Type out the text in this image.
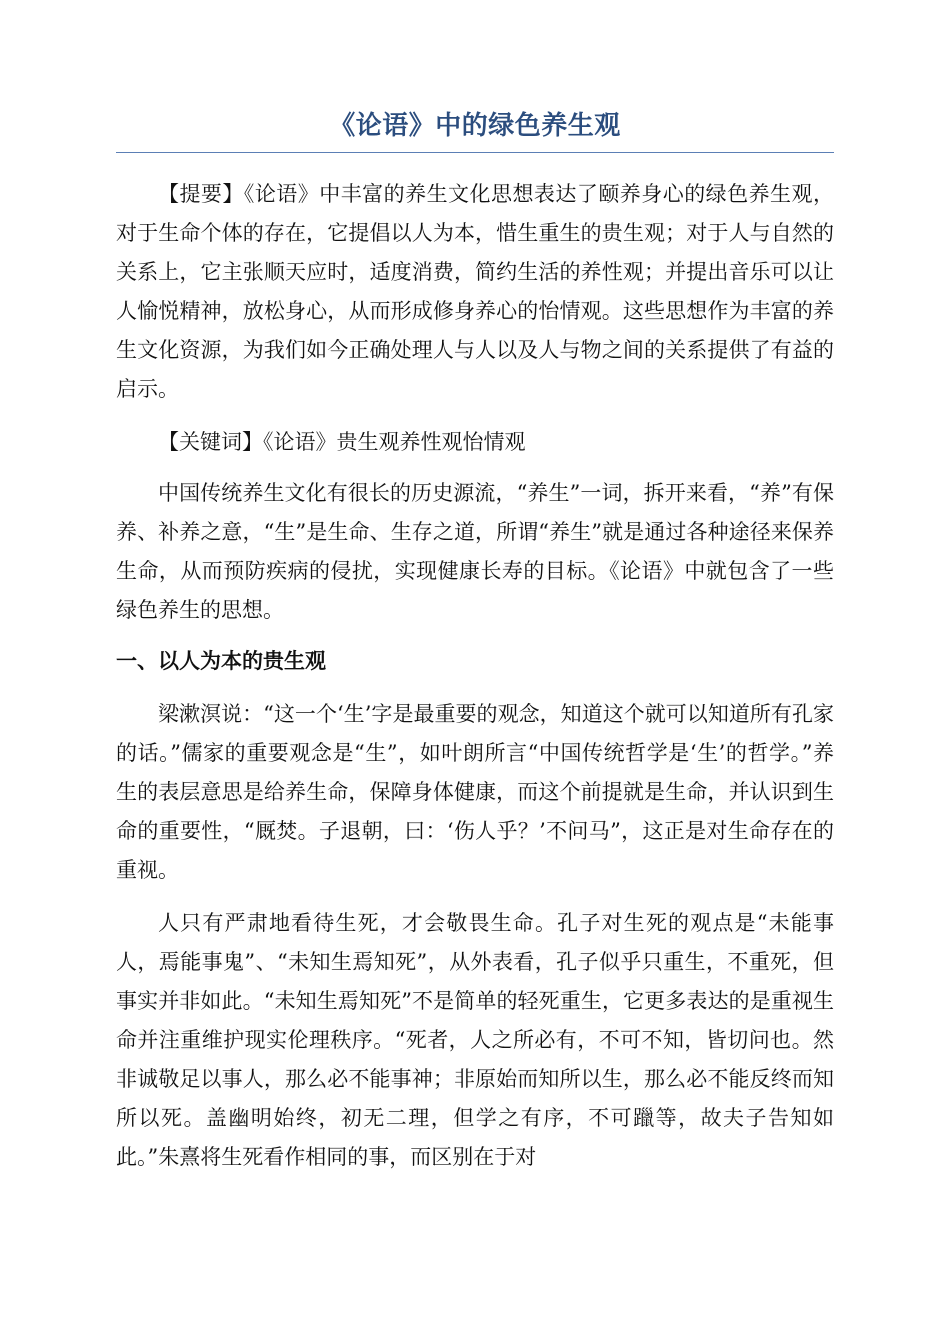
《论语》中的绿色养生观

【提要】《论语》中丰富的养生文化思想表达了颐养身心的绿色养生观，对于生命个体的存在，它提倡以人为本，惜生重生的贵生观；对于人与自然的关系上，它主张顺天应时，适度消费，简约生活的养性观；并提出音乐可以让人愉悦精神，放松身心，从而形成修身养心的怡情观。这些思想作为丰富的养生文化资源，为我们如今正确处理人与人以及人与物之间的关系提供了有益的启示。

【关键词】《论语》贵生观养性观怡情观

中国传统养生文化有很长的历史源流，“养生”一词，拆开来看，“养”有保养、补养之意，“生”是生命、生存之道，所谓“养生”就是通过各种途径来保养生命，从而预防疾病的侵扰，实现健康长寿的目标。《论语》中就包含了一些绿色养生的思想。

一、以人为本的贵生观

梁漱溟说：“这一个‘生’字是最重要的观念，知道这个就可以知道所有孔家的话。”儒家的重要观念是“生”，如叶朗所言“中国传统哲学是‘生’的哲学。”养生的表层意思是给养生命，保障身体健康，而这个前提就是生命，并认识到生命的重要性，“厩焚。子退朝，曰：‘伤人乎？’不问马”，这正是对生命存在的重视。

人只有严肃地看待生死，才会敬畏生命。孔子对生死的观点是“未能事人，焉能事鬼”、“未知生焉知死”，从外表看，孔子似乎只重生，不重死，但事实并非如此。“未知生焉知死”不是简单的轻死重生，它更多表达的是重视生命并注重维护现实伦理秩序。“死者，人之所必有，不可不知，皆切问也。然非诚敬足以事人，那么必不能事神；非原始而知所以生，那么必不能反终而知所以死。盖幽明始终，初无二理，但学之有序，不可躐等，故夫子告知如此。”朱熹将生死看作相同的事，而区别在于对
